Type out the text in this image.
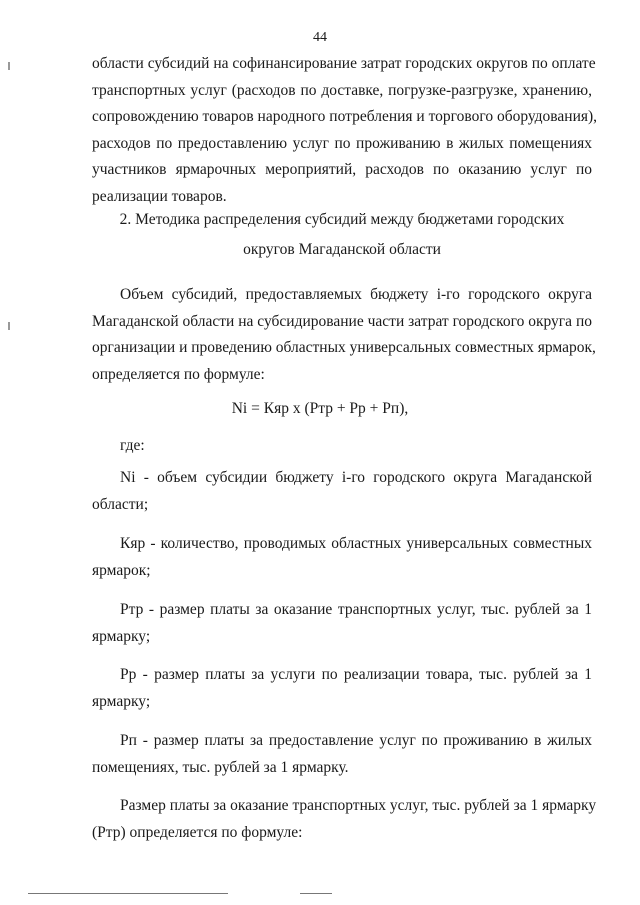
44
области субсидий на софинансирование затрат городских округов по оплате
транспортных услуг (расходов по доставке, погрузке-разгрузке, хранению,
сопровождению товаров народного потребления и торгового оборудования),
расходов по предоставлению услуг по проживанию в жилых помещениях
участников ярмарочных мероприятий, расходов по оказанию услуг по
реализации товаров.
2. Методика распределения субсидий между бюджетами городских
округов Магаданской области
Объем субсидий, предоставляемых бюджету i-го городского округа
Магаданской области на субсидирование части затрат городского округа по
организации и проведению областных универсальных совместных ярмарок,
определяется по формуле:
Ni = Кяр x (Ртр + Рр + Рп),
где:
Ni - объем субсидии бюджету i-го городского округа Магаданской
области;
Кяр - количество, проводимых областных универсальных совместных
ярмарок;
Ртр - размер платы за оказание транспортных услуг, тыс. рублей за 1
ярмарку;
Рр - размер платы за услуги по реализации товара, тыс. рублей за 1
ярмарку;
Рп - размер платы за предоставление услуг по проживанию в жилых
помещениях, тыс. рублей за 1 ярмарку.
Размер платы за оказание транспортных услуг, тыс. рублей за 1 ярмарку
(Ртр) определяется по формуле:
